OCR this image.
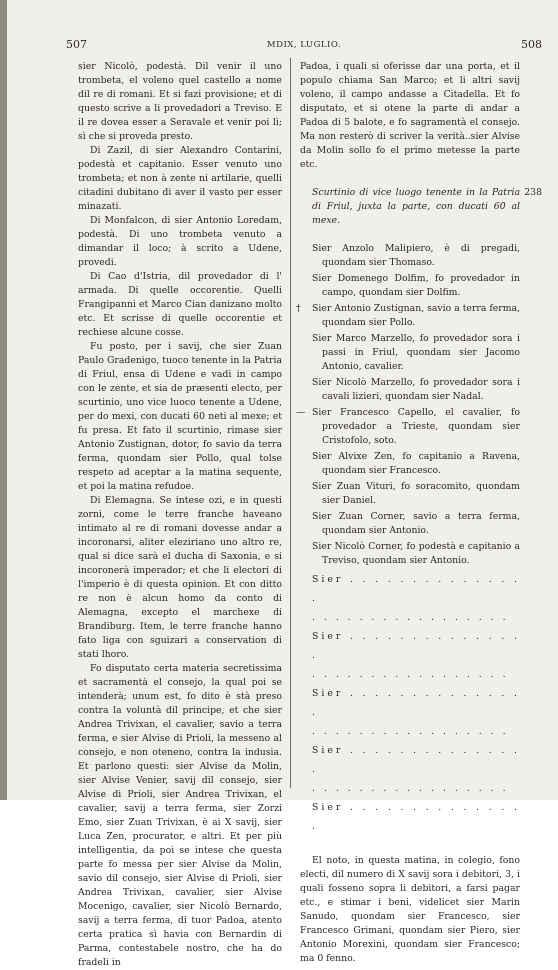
507	MDIX, LUGLIO.	508

sier Nicolò, podestà. Dil venir il uno trombeta, el voleno quel castello a nome dil re di romani. Et si fazi provisione; et di questo scrive a li provedadori a Treviso. E il re dovea esser a Seravale et venir poi lì; sì che si proveda presto.

Di Zazil, di sier Alexandro Contarini, podestà et capitanio. Esser venuto uno trombeta; et non à zente ni artilarie, quelli citadini dubitano di aver il vasto per esser minazati.

Di Monfalcon, di sier Antonio Loredam, podestà. Di uno trombeta venuto a dimandar il loco; à scrito a Udene, provedi.

Di Cao d'Istria, dil provedador di l' armada. Di quelle occorentie. Quelli Frangipanni et Marco Cian danizano molto etc. Et scrisse di quelle occorentie et rechiese alcune cosse.

Fu posto, per i savij, che sier Zuan Paulo Gradenigo, tuoco tenente in la Patria di Friul, ensa di Udene e vadi in campo con le zente, et sia de præsenti electo, per scurtinio, uno vice luoco tenente a Udene, per do mexi, con ducati 60 neti al mexe; et fu presa. Et fato il scurtinio, rimase sier Antonio Zustignan, dotor, fo savio da terra ferma, quondam sier Pollo, qual tolse respeto ad aceptar a la matina sequente, et poi la matina refudoe.

Di Elemagna. Se intese ozi, e in questi zorni, come le terre franche haveano intimato al re di romani dovesse andar a incoronarsi, aliter eleziriano uno altro re, qual si dice sarà el ducha di Saxonia, e si incoronerà imperador; et che li electori di l'imperio è di questa opinion. Et con ditto re non è alcun homo da conto di Alemagna, excepto el marchexe di Brandiburg. Item, le terre franche hanno fato liga con sguizari a conservation di stati lhoro.

Fo disputato certa materia secretissima et sacramentà el consejo, la qual poi se intenderà; unum est, fo dito è stà preso contra la voluntà dil principe, et che sier Andrea Trivixan, el cavalier, savio a terra ferma, e sier Alvise di Prioli, la messeno al consejo, e non oteneno, contra la indusia. Et parlono questi: sier Alvise da Molin, sier Alvise Venier, savij dil consejo, sier Alvise di Prioli, sier Andrea Trivixan, el cavalier, savij a terra ferma, sier Zorzi Emo, sier Zuan Trivixan, è ai X savij, sier Luca Zen, procurator, e altri. Et per più intelligentia, da poi se intese che questa parte fo messa per sier Alvise da Molin, savio dil consejo, sier Alvise di Prioli, sier Andrea Trivixan, cavalier, sier Alvise Mocenigo, cavalier, sier Nicolò Bernardo, savij a terra ferma, di tuor Padoa, atento certa pratica sì havia con Bernardin di Parma, contestabele nostro, che ha do fradeli in

Padoa, i quali si oferisse dar una porta, et il populo chiama San Marco; et li altri savij voleno, il campo andasse a Citadella. Et fo disputato, et si otene la parte di andar a Padoa di 5 balote, e fo sagramentà el consejo. Ma non resterò di scriver la verità..sier Alvise da Molin sollo fo el primo metesse la parte etc.

Scurtinio di vice luogo tenente in la Patria di Friul, juxta la parte, con ducati 60 al mexe.
238

Sier Anzolo Malipiero, è di pregadi, quondam sier Thomaso.

Sier Domenego Dolfim, fo provedador in campo, quondam sier Dolfim.

† Sier Antonio Zustignan, savio a terra ferma, quondam sier Pollo.

Sier Marco Marzello, fo provedador sora i passi in Friul, quondam sier Jacomo Antonio, cavalier.

Sier Nicolò Marzello, fo provedador sora i cavali lizieri, quondam sier Nadal.

— Sier Francesco Capello, el cavalier, fo provedador a Trieste, quondam sier Cristofolo, soto.

Sier Alvixe Zen, fo capitanio a Ravena, quondam sier Francesco.

Sier Zuan Vituri, fo soracomito, quondam sier Daniel.

Sier Zuan Corner, savio a terra ferma, quondam sier Antonio.

Sier Nicolò Corner, fo podestà e capitanio a Treviso, quondam sier Antonio.

Sier . . . . . . . . . . . . . . .

. . . . . . . . . . . . . . . . .

Sier . . . . . . . . . . . . . . .

. . . . . . . . . . . . . . . . .

Sier . . . . . . . . . . . . . . .

. . . . . . . . . . . . . . . . .

Sier . . . . . . . . . . . . . . .

. . . . . . . . . . . . . . . . .

Sier . . . . . . . . . . . . . . .

El noto, in questa matina, in colegio, fono electi, dil numero di X savij sora i debitori, 3, i quali fosseno sopra li debitori, a farsi pagar etc., e stimar i beni, videlicet sier Marin Sanudo, quondam sier Francesco, sier Francesco Grimani, quondam sier Piero, sier Antonio Morexini, quondam sier Francesco; ma 0 fenno.
